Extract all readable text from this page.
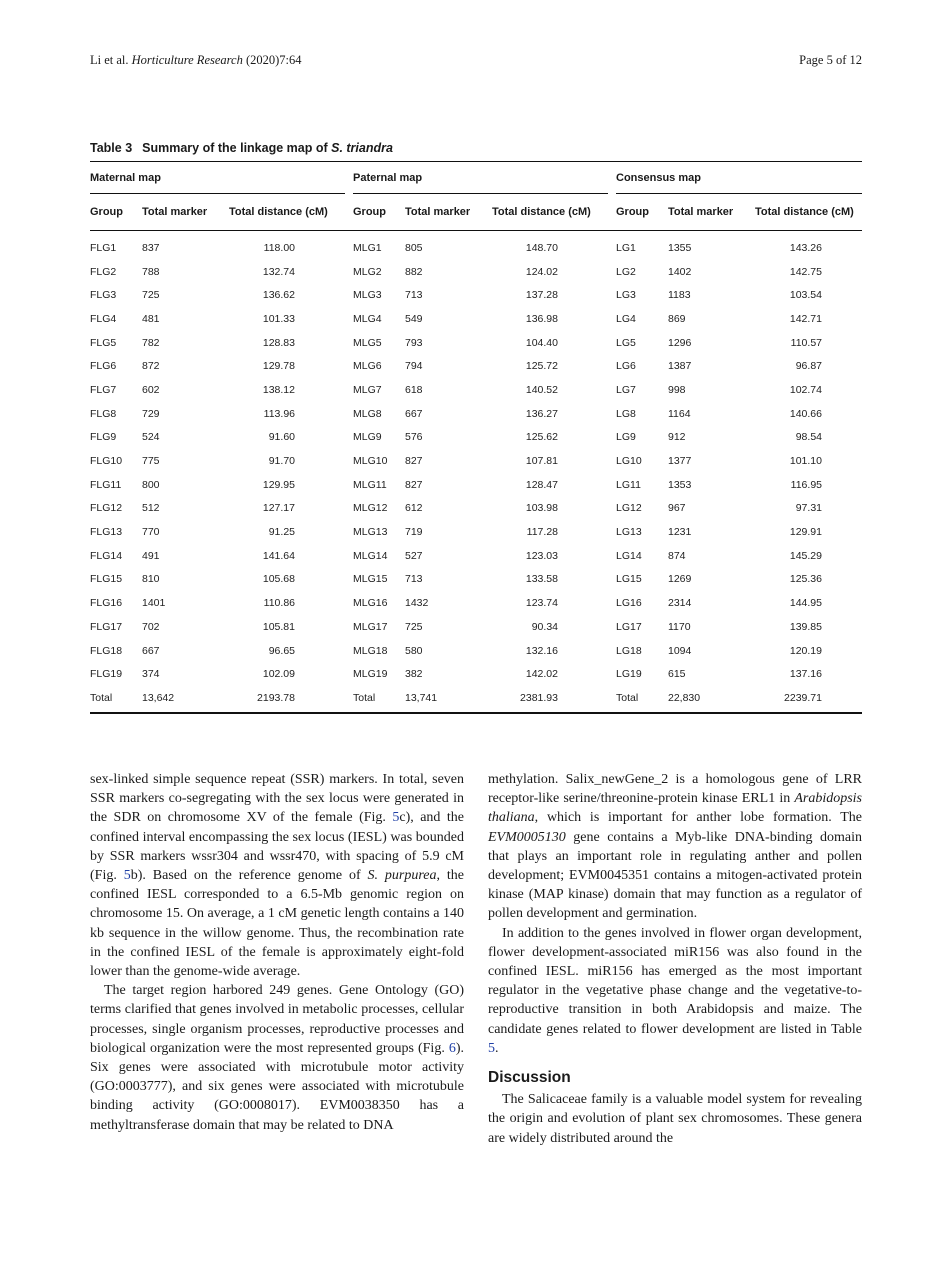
Li et al. Horticulture Research (2020)7:64	Page 5 of 12
Table 3 Summary of the linkage map of S. triandra
Maternal map	Paternal map	Consensus map
Group	Total marker	Total distance (cM)	Group	Total marker	Total distance (cM)	Group	Total marker	Total distance (cM)
FLG1	837	118.00	MLG1	805	148.70	LG1	1355	143.26
FLG2	788	132.74	MLG2	882	124.02	LG2	1402	142.75
FLG3	725	136.62	MLG3	713	137.28	LG3	1183	103.54
FLG4	481	101.33	MLG4	549	136.98	LG4	869	142.71
FLG5	782	128.83	MLG5	793	104.40	LG5	1296	110.57
FLG6	872	129.78	MLG6	794	125.72	LG6	1387	96.87
FLG7	602	138.12	MLG7	618	140.52	LG7	998	102.74
FLG8	729	113.96	MLG8	667	136.27	LG8	1164	140.66
FLG9	524	91.60	MLG9	576	125.62	LG9	912	98.54
FLG10	775	91.70	MLG10	827	107.81	LG10	1377	101.10
FLG11	800	129.95	MLG11	827	128.47	LG11	1353	116.95
FLG12	512	127.17	MLG12	612	103.98	LG12	967	97.31
FLG13	770	91.25	MLG13	719	117.28	LG13	1231	129.91
FLG14	491	141.64	MLG14	527	123.03	LG14	874	145.29
FLG15	810	105.68	MLG15	713	133.58	LG15	1269	125.36
FLG16	1401	110.86	MLG16	1432	123.74	LG16	2314	144.95
FLG17	702	105.81	MLG17	725	90.34	LG17	1170	139.85
FLG18	667	96.65	MLG18	580	132.16	LG18	1094	120.19
FLG19	374	102.09	MLG19	382	142.02	LG19	615	137.16
Total	13,642	2193.78	Total	13,741	2381.93	Total	22,830	2239.71

sex-linked simple sequence repeat (SSR) markers. In total, seven SSR markers co-segregating with the sex locus were generated in the SDR on chromosome XV of the female (Fig. 5c), and the confined interval encompassing the sex locus (IESL) was bounded by SSR markers wssr304 and wssr470, with spacing of 5.9 cM (Fig. 5b). Based on the reference genome of S. purpurea, the confined IESL corresponded to a 6.5-Mb genomic region on chromosome 15. On average, a 1 cM genetic length contains a 140 kb sequence in the willow genome. Thus, the recombination rate in the confined IESL of the female is approximately eight-fold lower than the genome-wide average.

The target region harbored 249 genes. Gene Ontology (GO) terms clarified that genes involved in metabolic processes, cellular processes, single organism processes, reproductive processes and biological organization were the most represented groups (Fig. 6). Six genes were associated with microtubule motor activity (GO:0003777), and six genes were associated with microtubule binding activity (GO:0008017). EVM0038350 has a methyltransferase domain that may be related to DNA

methylation. Salix_newGene_2 is a homologous gene of LRR receptor-like serine/threonine-protein kinase ERL1 in Arabidopsis thaliana, which is important for anther lobe formation. The EVM0005130 gene contains a Myb-like DNA-binding domain that plays an important role in regulating anther and pollen development; EVM0045351 contains a mitogen-activated protein kinase (MAP kinase) domain that may function as a regulator of pollen development and germination.

In addition to the genes involved in flower organ development, flower development-associated miR156 was also found in the confined IESL. miR156 has emerged as the most important regulator in the vegetative phase change and the vegetative-to-reproductive transition in both Arabidopsis and maize. The candidate genes related to flower development are listed in Table 5.

Discussion

The Salicaceae family is a valuable model system for revealing the origin and evolution of plant sex chromosomes. These genera are widely distributed around the
